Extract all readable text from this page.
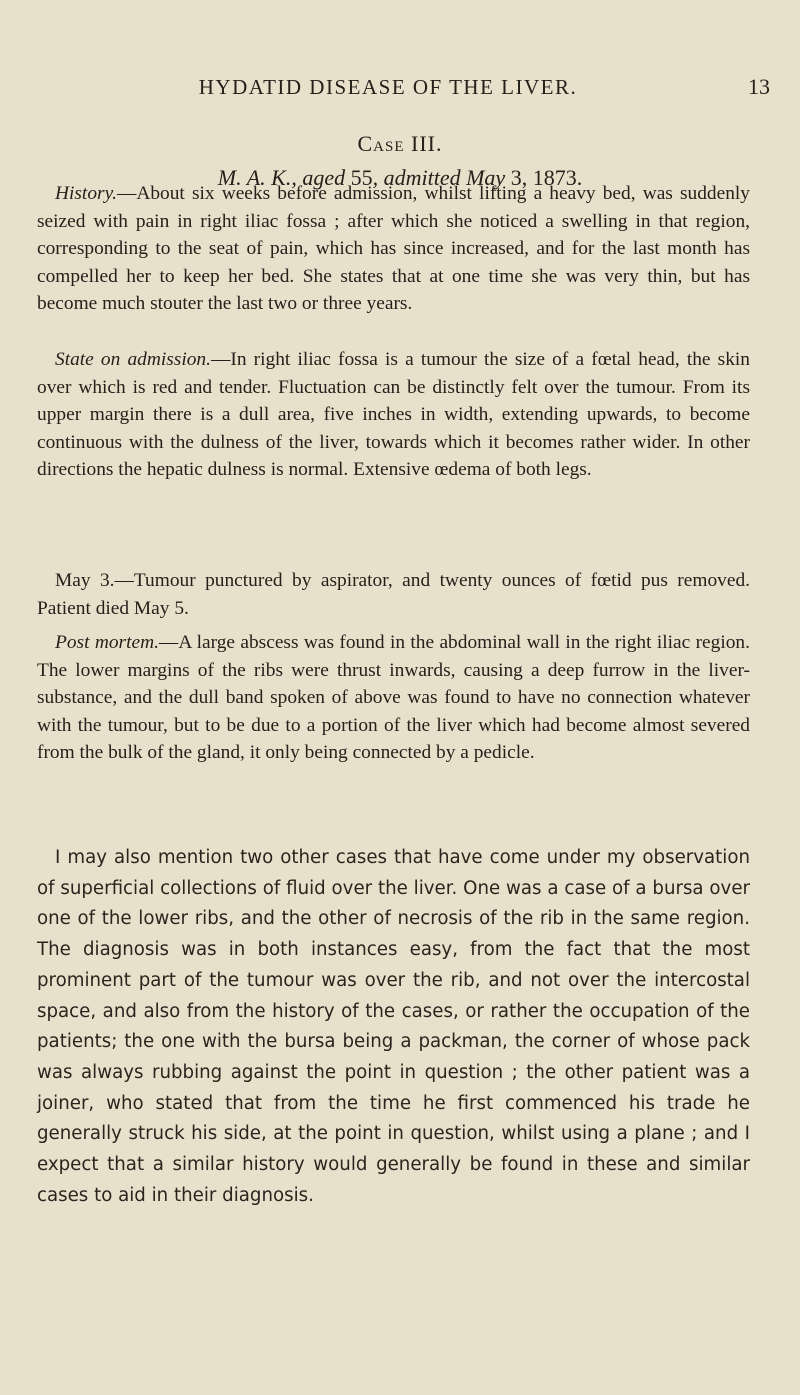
HYDATID DISEASE OF THE LIVER.	13
Case III.
M. A. K., aged 55, admitted May 3, 1873.
History.—About six weeks before admission, whilst lifting a heavy bed, was suddenly seized with pain in right iliac fossa ; after which she noticed a swelling in that region, corresponding to the seat of pain, which has since increased, and for the last month has compelled her to keep her bed. She states that at one time she was very thin, but has become much stouter the last two or three years.
State on admission.—In right iliac fossa is a tumour the size of a fœtal head, the skin over which is red and tender. Fluctuation can be distinctly felt over the tumour. From its upper margin there is a dull area, five inches in width, extending upwards, to become continuous with the dulness of the liver, towards which it becomes rather wider. In other directions the hepatic dulness is normal. Extensive œdema of both legs.
May 3.—Tumour punctured by aspirator, and twenty ounces of fœtid pus removed. Patient died May 5.
Post mortem.—A large abscess was found in the abdominal wall in the right iliac region. The lower margins of the ribs were thrust inwards, causing a deep furrow in the liver-substance, and the dull band spoken of above was found to have no connection whatever with the tumour, but to be due to a portion of the liver which had become almost severed from the bulk of the gland, it only being connected by a pedicle.

I may also mention two other cases that have come under my observation of superficial collections of fluid over the liver. One was a case of a bursa over one of the lower ribs, and the other of necrosis of the rib in the same region. The diagnosis was in both instances easy, from the fact that the most prominent part of the tumour was over the rib, and not over the intercostal space, and also from the history of the cases, or rather the occupation of the patients; the one with the bursa being a packman, the corner of whose pack was always rubbing against the point in question ; the other patient was a joiner, who stated that from the time he first commenced his trade he generally struck his side, at the point in question, whilst using a plane ; and I expect that a similar history would generally be found in these and similar cases to aid in their diagnosis.
